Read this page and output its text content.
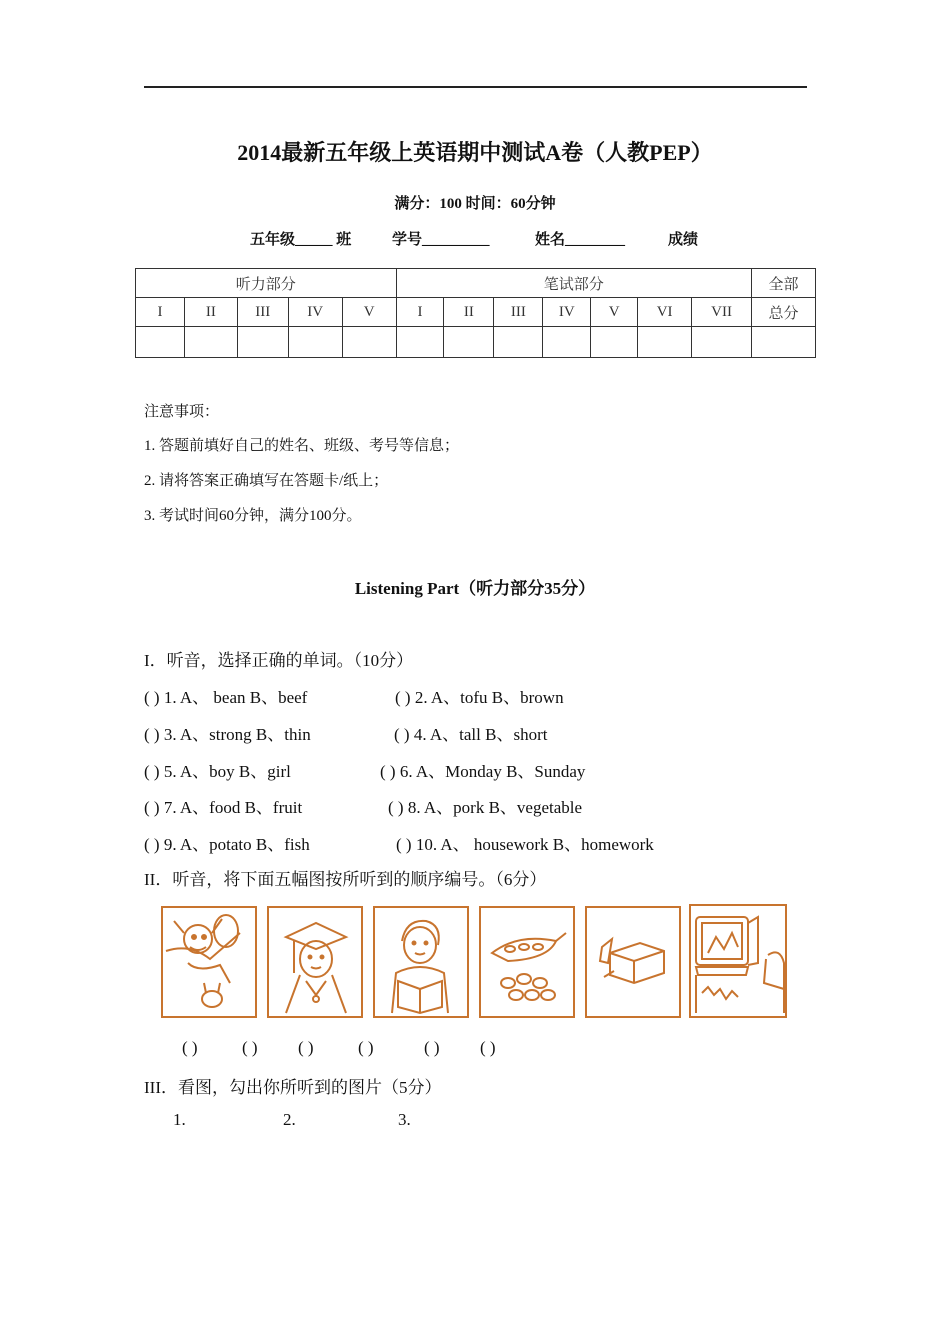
2014最新五年级上英语期中测试A卷（人教PEP）
满分：100 时间：60分钟
五年级_____ 班	学号_________	姓名________	成绩
听力部分					笔试部分							全部
I	II	III	IV	V	I	II	III	IV	V	VI	VII	总分

注意事项：
1. 答题前填好自己的姓名、班级、考号等信息；
2. 请将答案正确填写在答题卡/纸上；
3. 考试时间60分钟，满分100分。
Listening Part（听力部分35分）
I．听音，选择正确的单词。（10分）
( ) 1. A、 bean B、beef	( ) 2. A、tofu B、brown
( ) 3. A、strong B、thin	( ) 4. A、tall B、short
( ) 5. A、boy B、girl	( ) 6. A、Monday B、Sunday
( ) 7. A、food B、fruit	( ) 8. A、pork B、vegetable
( ) 9. A、potato B、fish	( ) 10. A、 housework B、homework
II．听音，将下面五幅图按所听到的顺序编号。（6分）
( )	( ) ( )	( )	( ) ( )
III．看图，勾出你所听到的图片（5分）
1.	2.	3.
